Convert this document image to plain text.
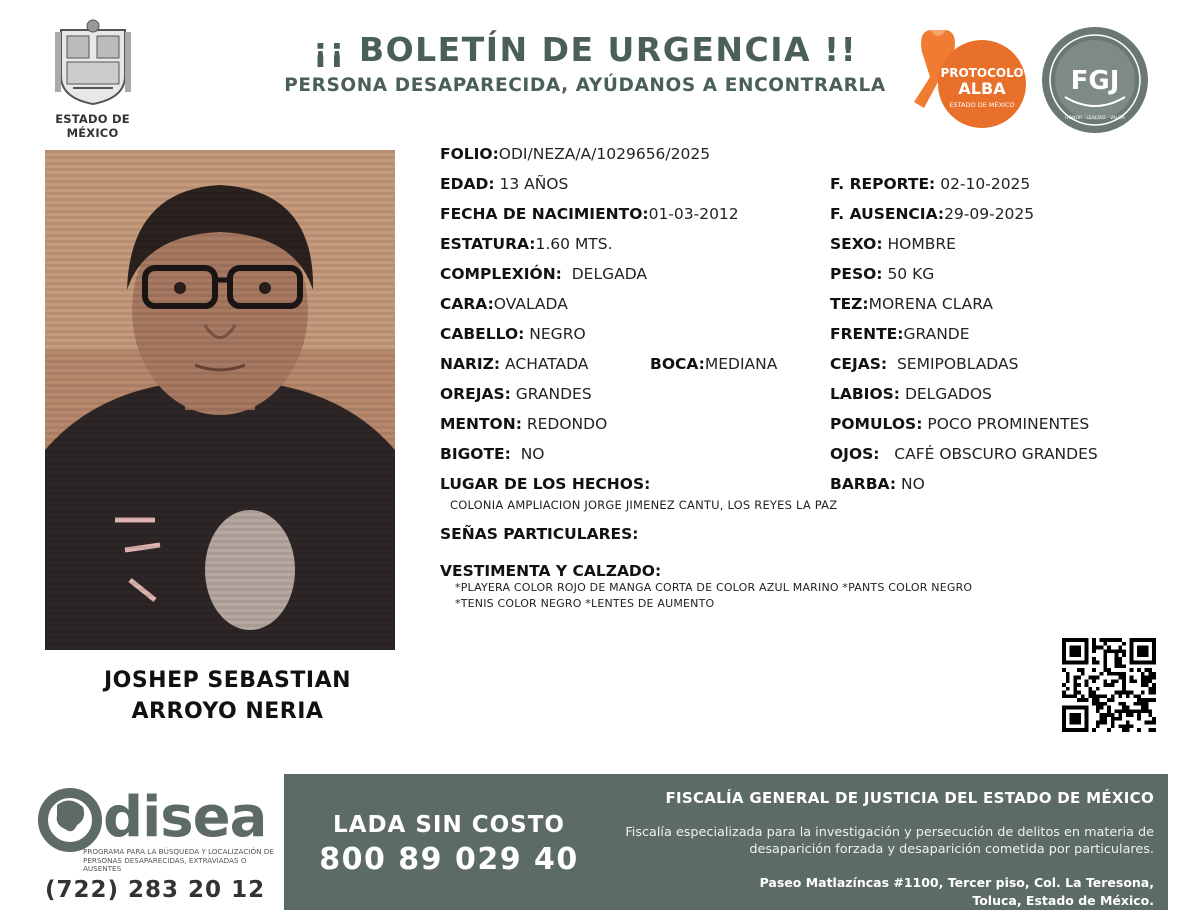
ESTADO DE MÉXICO
¡¡ BOLETÍN DE URGENCIA !!
PERSONA DESAPARECIDA, AYÚDANOS A ENCONTRARLA
PROTOCOLO
ALBA
ESTADO DE MÉXICO
FGJ
HONOR · LEALTAD · VALOR
JOSHEP SEBASTIAN
ARROYO NERIA
FOLIO:ODI/NEZA/A/1029656/2025
EDAD: 13 AÑOS	F. REPORTE: 02-10-2025
FECHA DE NACIMIENTO:01-03-2012	F. AUSENCIA:29-09-2025
ESTATURA:1.60 MTS.	SEXO: HOMBRE
COMPLEXIÓN: DELGADA	PESO: 50 KG
CARA:OVALADA	TEZ:MORENA CLARA
CABELLO: NEGRO	FRENTE:GRANDE
NARIZ: ACHATADA	BOCA:MEDIANA	CEJAS: SEMIPOBLADAS
OREJAS: GRANDES	LABIOS: DELGADOS
MENTON: REDONDO	POMULOS: POCO PROMINENTES
BIGOTE: NO	OJOS: CAFÉ OBSCURO GRANDES
LUGAR DE LOS HECHOS:	BARBA: NO
COLONIA AMPLIACION JORGE JIMENEZ CANTU, LOS REYES LA PAZ
SEÑAS PARTICULARES:
VESTIMENTA Y CALZADO:
*PLAYERA COLOR ROJO DE MANGA CORTA DE COLOR AZUL MARINO *PANTS COLOR NEGRO
*TENIS COLOR NEGRO *LENTES DE AUMENTO
disea
PROGRAMA PARA LA BÚSQUEDA Y LOCALIZACIÓN DE PERSONAS DESAPARECIDAS, EXTRAVIADAS O AUSENTES
(722) 283 20 12
LADA SIN COSTO
800 89 029 40
FISCALÍA GENERAL DE JUSTICIA DEL ESTADO DE MÉXICO
Fiscalía especializada para la investigación y persecución de delitos en materia de desaparición forzada y desaparición cometida por particulares.
Paseo Matlazíncas #1100, Tercer piso, Col. La Teresona,
Toluca, Estado de México.
